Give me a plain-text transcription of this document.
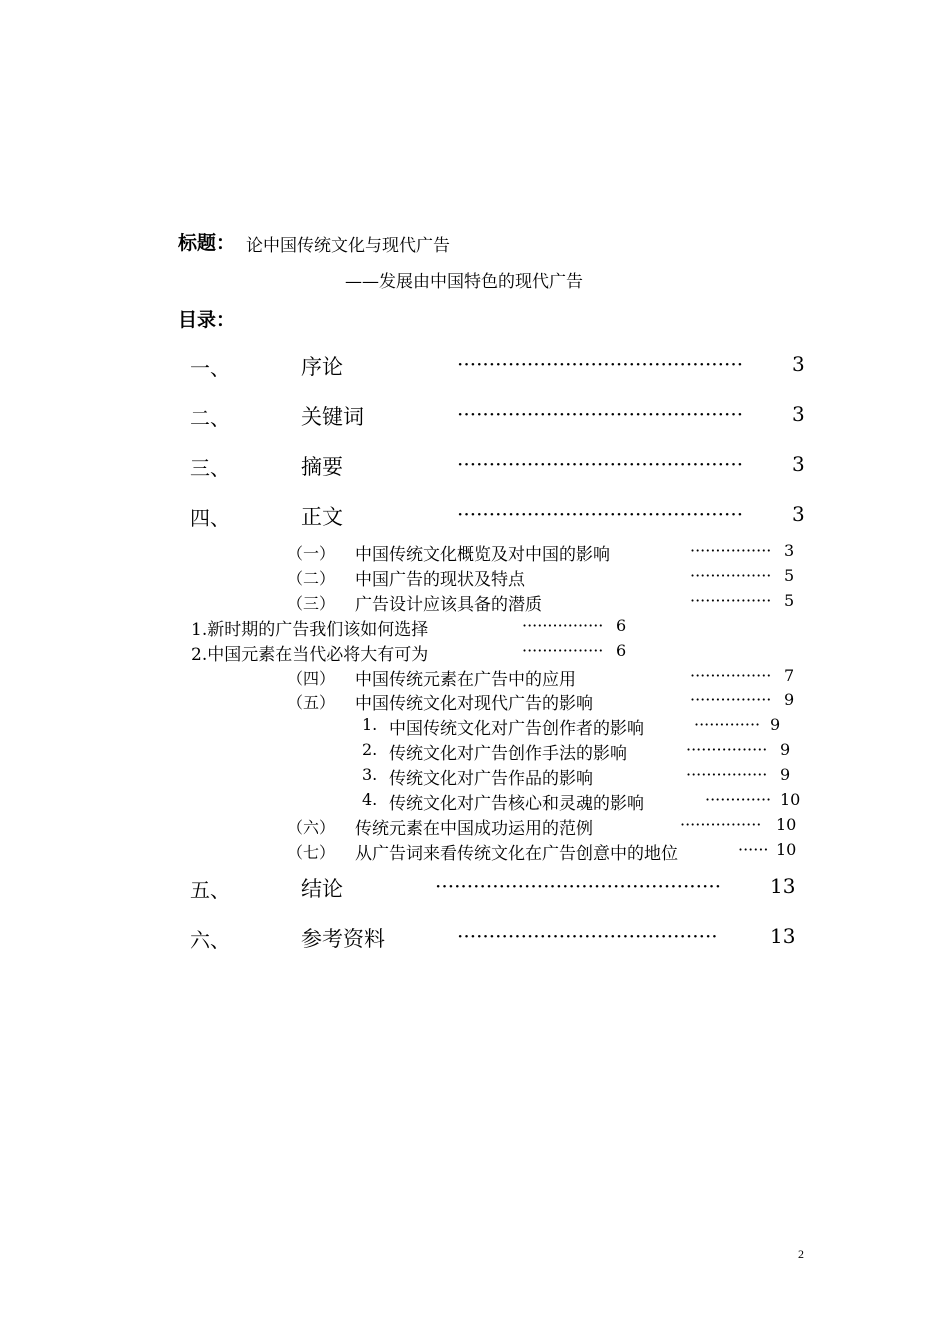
标题： 论中国传统文化与现代广告
——发展由中国特色的现代广告
目录：
一、	序论	············································· 3
二、	关键词	············································· 3
三、	摘要	············································· 3
四、	正文	············································· 3
（一） 中国传统文化概览及对中国的影响	················ 3
（二） 中国广告的现状及特点	················ 5
（三） 广告设计应该具备的潜质	················ 5
1.新时期的广告我们该如何选择	················ 6
2.中国元素在当代必将大有可为	················ 6
（四） 中国传统元素在广告中的应用	················ 7
（五） 中国传统文化对现代广告的影响	················ 9
1. 中国传统文化对广告创作者的影响	············· 9
2. 传统文化对广告创作手法的影响	················ 9
3. 传统文化对广告作品的影响	················ 9
4. 传统文化对广告核心和灵魂的影响	············· 10
（六） 传统元素在中国成功运用的范例	················ 10
（七） 从广告词来看传统文化在广告创意中的地位	······ 10
五、	结论	············································· 13
六、	参考资料	·········································	13
2
